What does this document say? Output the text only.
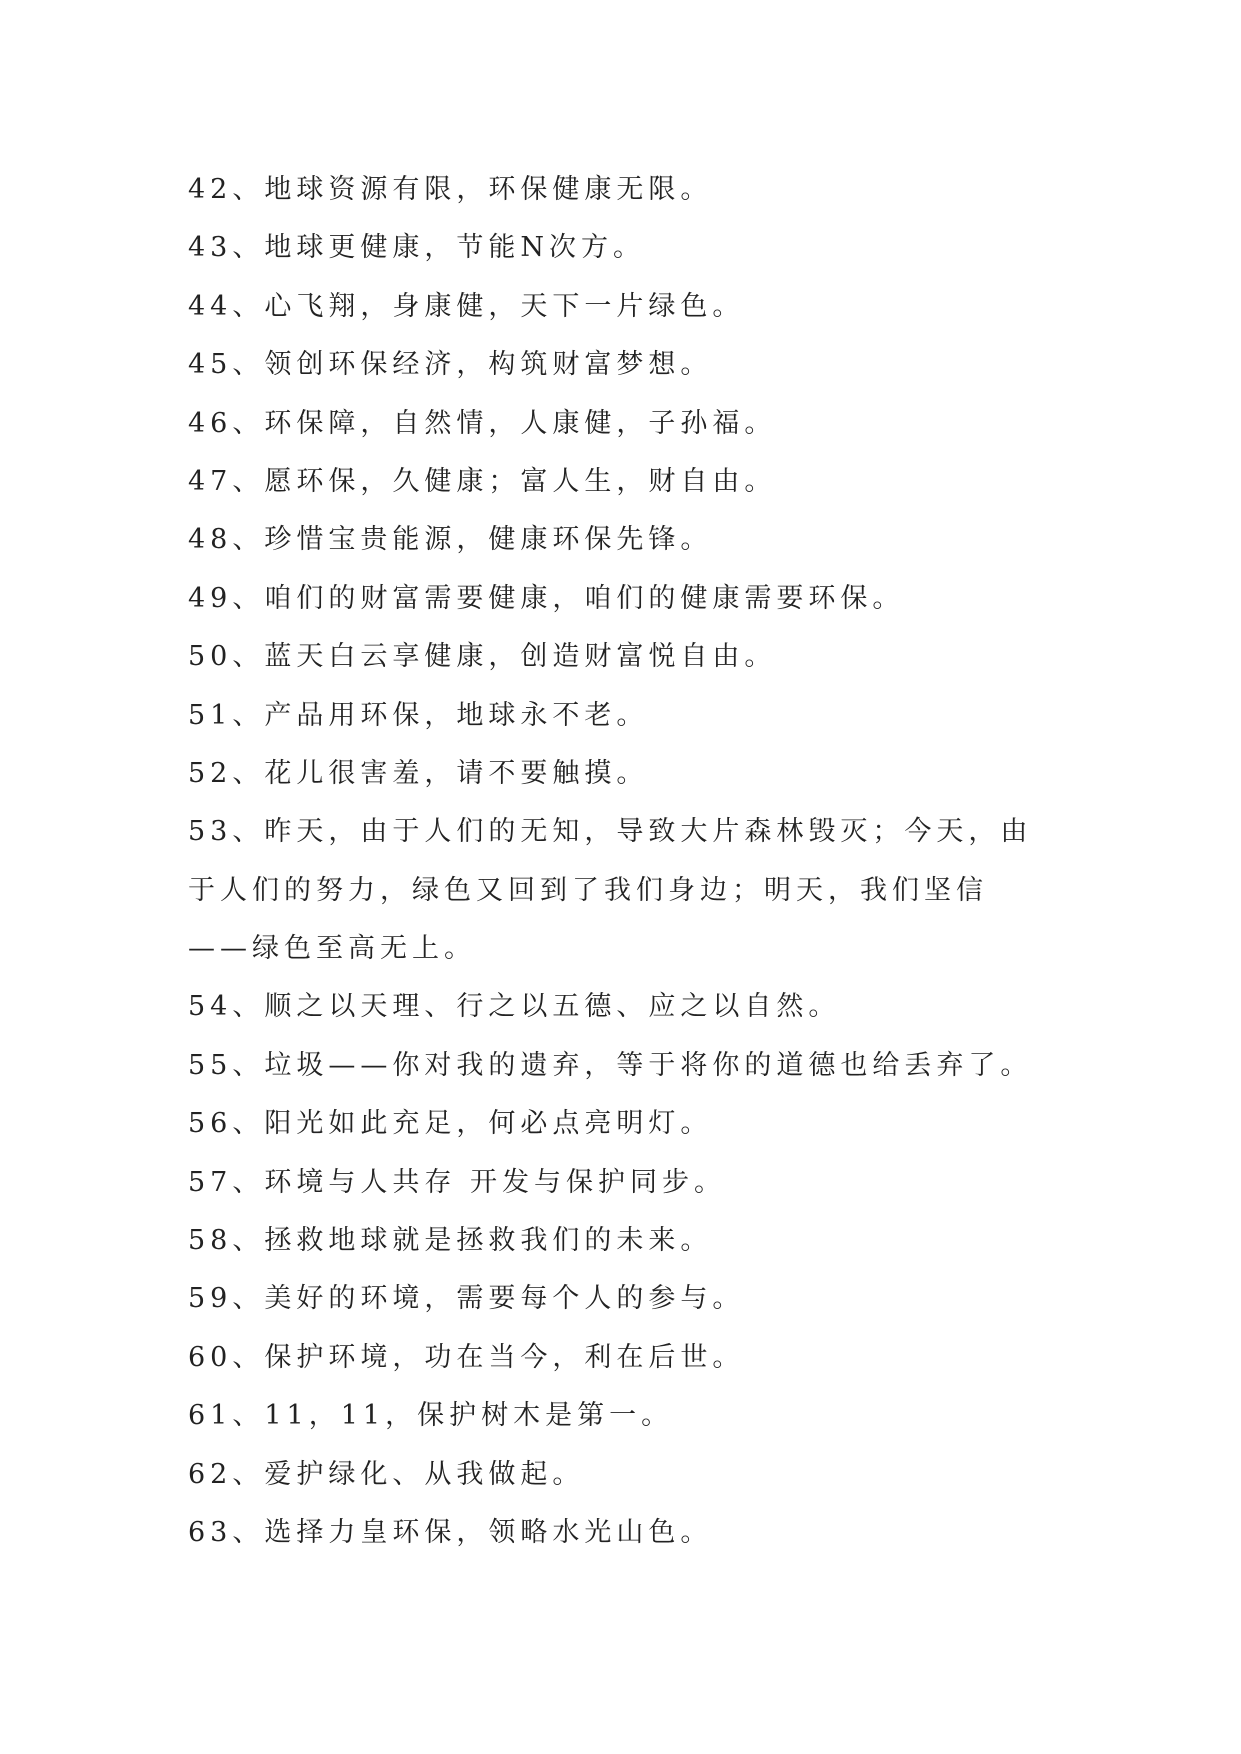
42、地球资源有限，环保健康无限。
43、地球更健康，节能N次方。
44、心飞翔，身康健，天下一片绿色。
45、领创环保经济，构筑财富梦想。
46、环保障，自然情，人康健，子孙福。
47、愿环保，久健康；富人生，财自由。
48、珍惜宝贵能源，健康环保先锋。
49、咱们的财富需要健康，咱们的健康需要环保。
50、蓝天白云享健康，创造财富悦自由。
51、产品用环保，地球永不老。
52、花儿很害羞，请不要触摸。
53、昨天，由于人们的无知，导致大片森林毁灭；今天，由
于人们的努力，绿色又回到了我们身边；明天，我们坚信
——绿色至高无上。
54、顺之以天理、行之以五德、应之以自然。
55、垃圾——你对我的遗弃，等于将你的道德也给丢弃了。
56、阳光如此充足，何必点亮明灯。
57、环境与人共存 开发与保护同步。
58、拯救地球就是拯救我们的未来。
59、美好的环境，需要每个人的参与。
60、保护环境，功在当今，利在后世。
61、11，11，保护树木是第一。
62、爱护绿化、从我做起。
63、选择力皇环保，领略水光山色。
